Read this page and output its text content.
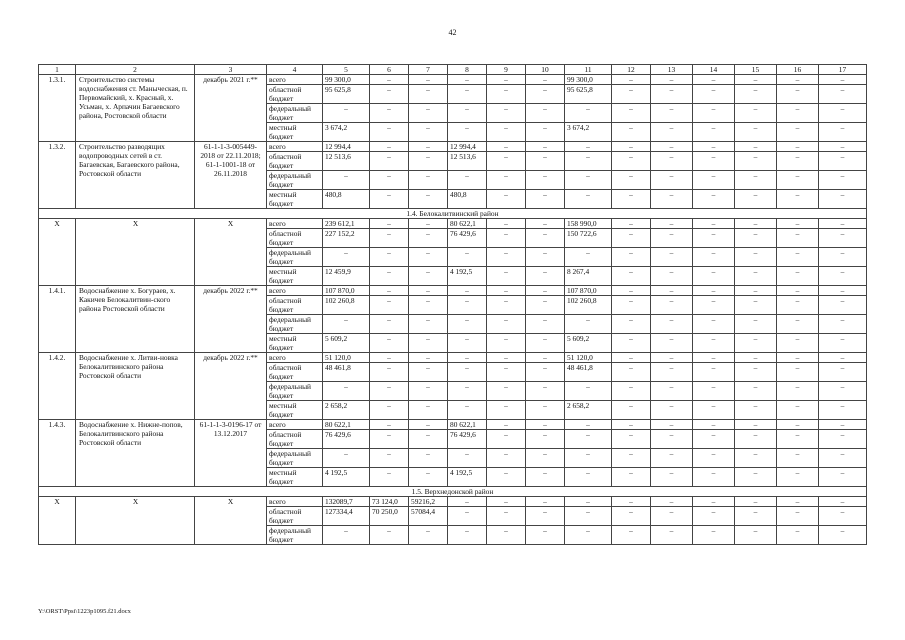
42
1	2	3	4	5	6	7	8	9	10	11	12	13	14	15	16	17
1.3.1.	Строительство системы водоснабжения ст. Маныческая, п. Первомайский, х. Красный, х. Усьман, х. Арпачин Багаевского района, Ростовской области	декабрь 2021 г.**	всего	99 300,0	–	–	–	–	–	99 300,0	–	–	–	–	–	–
			областной бюджет	95 625,8	–	–	–	–	–	95 625,8	–	–	–	–	–	–
			федеральный бюджет	–	–	–	–	–	–	–	–	–	–	–	–	–
			местный бюджет	3 674,2	–	–	–	–	–	3 674,2	–	–	–	–	–	–
1.3.2.	Строительство разводящих водопроводных сетей в ст. Багаевская, Багаевского района, Ростовской области	61-1-1-3-005449-2018 от 22.11.2018; 61-1-1001-18 от 26.11.2018	всего	12 994,4	–	–	12 994,4	–	–	–	–	–	–	–	–	–
			областной бюджет	12 513,6	–	–	12 513,6	–	–	–	–	–	–	–	–	–
			федеральный бюджет	–	–	–	–	–	–	–	–	–	–	–	–	–
			местный бюджет	480,8	–	–	480,8	–	–	–	–	–	–	–	–	–
1.4. Белокалитвинский район																
Х	Х	Х	всего	239 612,1	–	–	80 622,1	–	–	158 990,0	–	–	–	–	–	–
			областной бюджет	227 152,2	–	–	76 429,6	–	–	150 722,6	–	–	–	–	–	–
			федеральный бюджет	–	–	–	–	–	–	–	–	–	–	–	–	–
			местный бюджет	12 459,9	–	–	4 192,5	–	–	8 267,4	–	–	–	–	–	–
1.4.1.	Водоснабжение х. Богураев, х. Какичев Белокалитвин-ского района Ростовской области	декабрь 2022 г.**	всего	107 870,0	–	–	–	–	–	107 870,0	–	–	–	–	–	–
			областной бюджет	102 260,8	–	–	–	–	–	102 260,8	–	–	–	–	–	–
			федеральный бюджет	–	–	–	–	–	–	–	–	–	–	–	–	–
			местный бюджет	5 609,2	–	–	–	–	–	5 609,2	–	–	–	–	–	–
1.4.2.	Водоснабжение х. Литви-новка Белокалитвинского района Ростовской области	декабрь 2022 г.**	всего	51 120,0	–	–	–	–	–	51 120,0	–	–	–	–	–	–
			областной бюджет	48 461,8	–	–	–	–	–	48 461,8	–	–	–	–	–	–
			федеральный бюджет	–	–	–	–	–	–	–	–	–	–	–	–	–
			местный бюджет	2 658,2	–	–	–	–	–	2 658,2	–	–	–	–	–	–
1.4.3.	Водоснабжение х. Нижне-попов, Белокалитвинского района Ростовской области	61-1-1-3-0196-17 от 13.12.2017	всего	80 622,1	–	–	80 622,1	–	–	–	–	–	–	–	–	–
			областной бюджет	76 429,6	–	–	76 429,6	–	–	–	–	–	–	–	–	–
			федеральный бюджет	–	–	–	–	–	–	–	–	–	–	–	–	–
			местный бюджет	4 192,5	–	–	4 192,5	–	–	–	–	–	–	–	–	–
1.5. Верхнедонской район																
Х	Х	Х	всего	132089,7	73 124,0	59216,2	–	–	–	–	–	–	–	–	–	–
			областной бюджет	127334,4	70 250,0	57084,4	–	–	–	–	–	–	–	–	–	–
			федеральный бюджет	–	–	–	–	–	–	–	–	–	–	–	–	–
Y:\ORST\Ppsi\1223p1095.f21.docx
